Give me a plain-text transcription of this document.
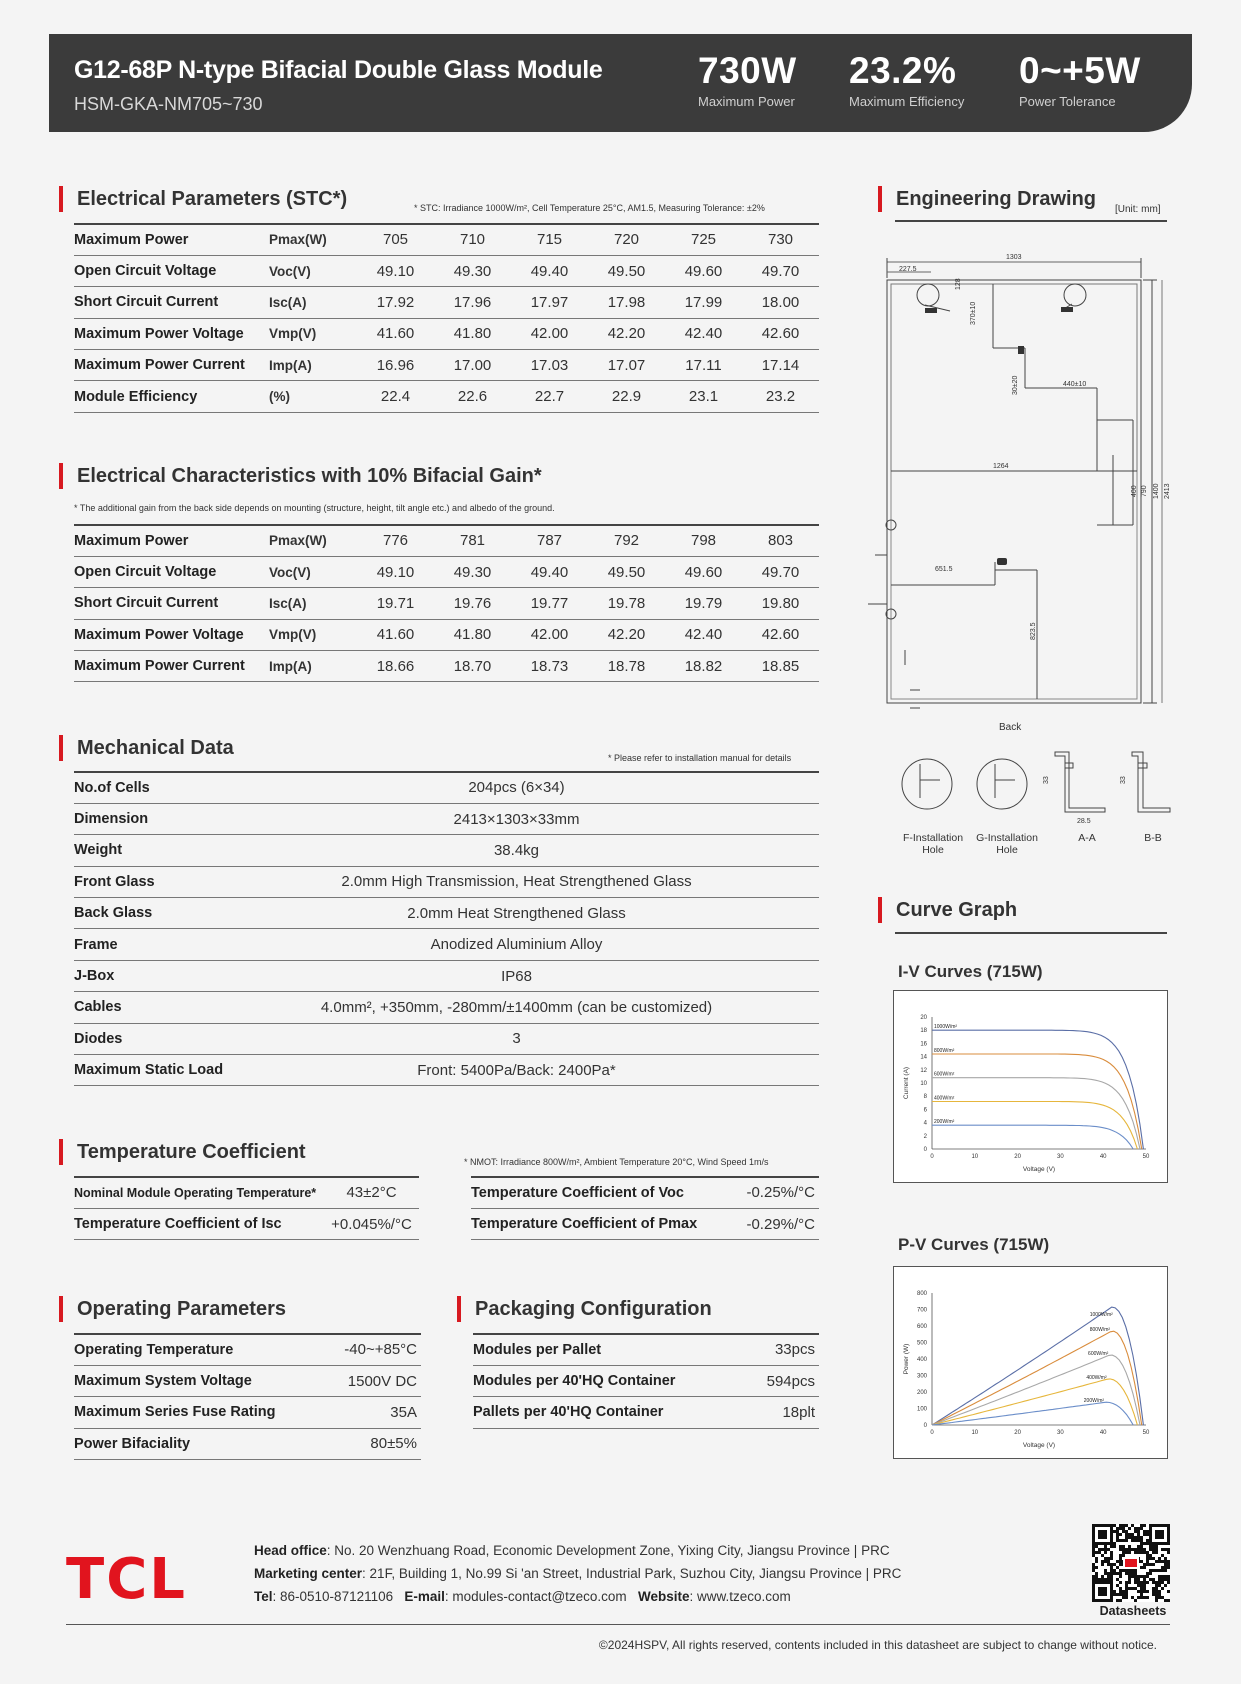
G12-68P N-type Bifacial Double Glass Module
HSM-GKA-NM705~730
730W
Maximum Power
23.2%
Maximum Efficiency
0~+5W
Power Tolerance
Electrical Parameters (STC*)	* STC: Irradiance 1000W/m², Cell Temperature 25°C, AM1.5, Measuring Tolerance: ±2%
Maximum Power	Pmax(W)	705	710	715	720	725	730
Open Circuit Voltage	Voc(V)	49.10	49.30	49.40	49.50	49.60	49.70
Short Circuit Current	Isc(A)	17.92	17.96	17.97	17.98	17.99	18.00
Maximum Power Voltage	Vmp(V)	41.60	41.80	42.00	42.20	42.40	42.60
Maximum Power Current	Imp(A)	16.96	17.00	17.03	17.07	17.11	17.14
Module Efficiency	(%)	22.4	22.6	22.7	22.9	23.1	23.2
Electrical Characteristics with 10% Bifacial Gain*
* The additional gain from the back side depends on mounting (structure, height, tilt angle etc.) and albedo of the ground.
Maximum Power	Pmax(W)	776	781	787	792	798	803
Open Circuit Voltage	Voc(V)	49.10	49.30	49.40	49.50	49.60	49.70
Short Circuit Current	Isc(A)	19.71	19.76	19.77	19.78	19.79	19.80
Maximum Power Voltage	Vmp(V)	41.60	41.80	42.00	42.20	42.40	42.60
Maximum Power Current	Imp(A)	18.66	18.70	18.73	18.78	18.82	18.85
Mechanical Data	* Please refer to installation manual for details
No.of Cells	204pcs (6×34)
Dimension	2413×1303×33mm
Weight	38.4kg
Front Glass	2.0mm High Transmission, Heat Strengthened Glass
Back Glass	2.0mm Heat Strengthened Glass
Frame	Anodized Aluminium Alloy
J-Box	IP68
Cables	4.0mm², +350mm, -280mm/±1400mm (can be customized)
Diodes	3
Maximum Static Load	Front: 5400Pa/Back: 2400Pa*
Temperature Coefficient	* NMOT: Irradiance 800W/m², Ambient Temperature 20°C, Wind Speed 1m/s
Nominal Module Operating Temperature*	43±2°C		Temperature Coefficient of Voc	-0.25%/°C
Temperature Coefficient of Isc	+0.045%/°C		Temperature Coefficient of Pmax	-0.29%/°C
Operating Parameters
Operating Temperature	-40~+85°C
Maximum System Voltage	1500V DC
Maximum Series Fuse Rating	35A
Power Bifaciality	80±5%
Packaging Configuration
Modules per Pallet	33pcs
Modules per 40'HQ Container	594pcs
Pallets per 40'HQ Container	18plt
Engineering Drawing [Unit: mm]
1303
227.5
370±10
128
30±20	440±10
1264
400 790 1400 2413
651.5
823.5
Back
33	33
28.5
F-Installation Hole
G-Installation Hole
A-A	B-B
Curve Graph
I-V Curves (715W)
0	10	20	30	40	50
0
2
4
6
8
10
12
14
16
18
20
Voltage (V)
Current (A)
1000W/m²
800W/m²
600W/m²
400W/m²
200W/m²
P-V Curves (715W)
0	10	20	30	40	50
0
100
200
300
400
500
600
700
800
Voltage (V)
Power (W)
1000W/m²
800W/m²
600W/m²
400W/m²
200W/m²
TCL	Head office: No. 20 Wenzhuang Road, Economic Development Zone, Yixing City, Jiangsu Province | PRC
Marketing center: 21F, Building 1, No.99 Si 'an Street, Industrial Park, Suzhou City, Jiangsu Province | PRC
Tel: 86-0510-87121106 E-mail: modules-contact@tzeco.com Website: www.tzeco.com
Datasheets
©2024HSPV, All rights reserved, contents included in this datasheet are subject to change without notice.
